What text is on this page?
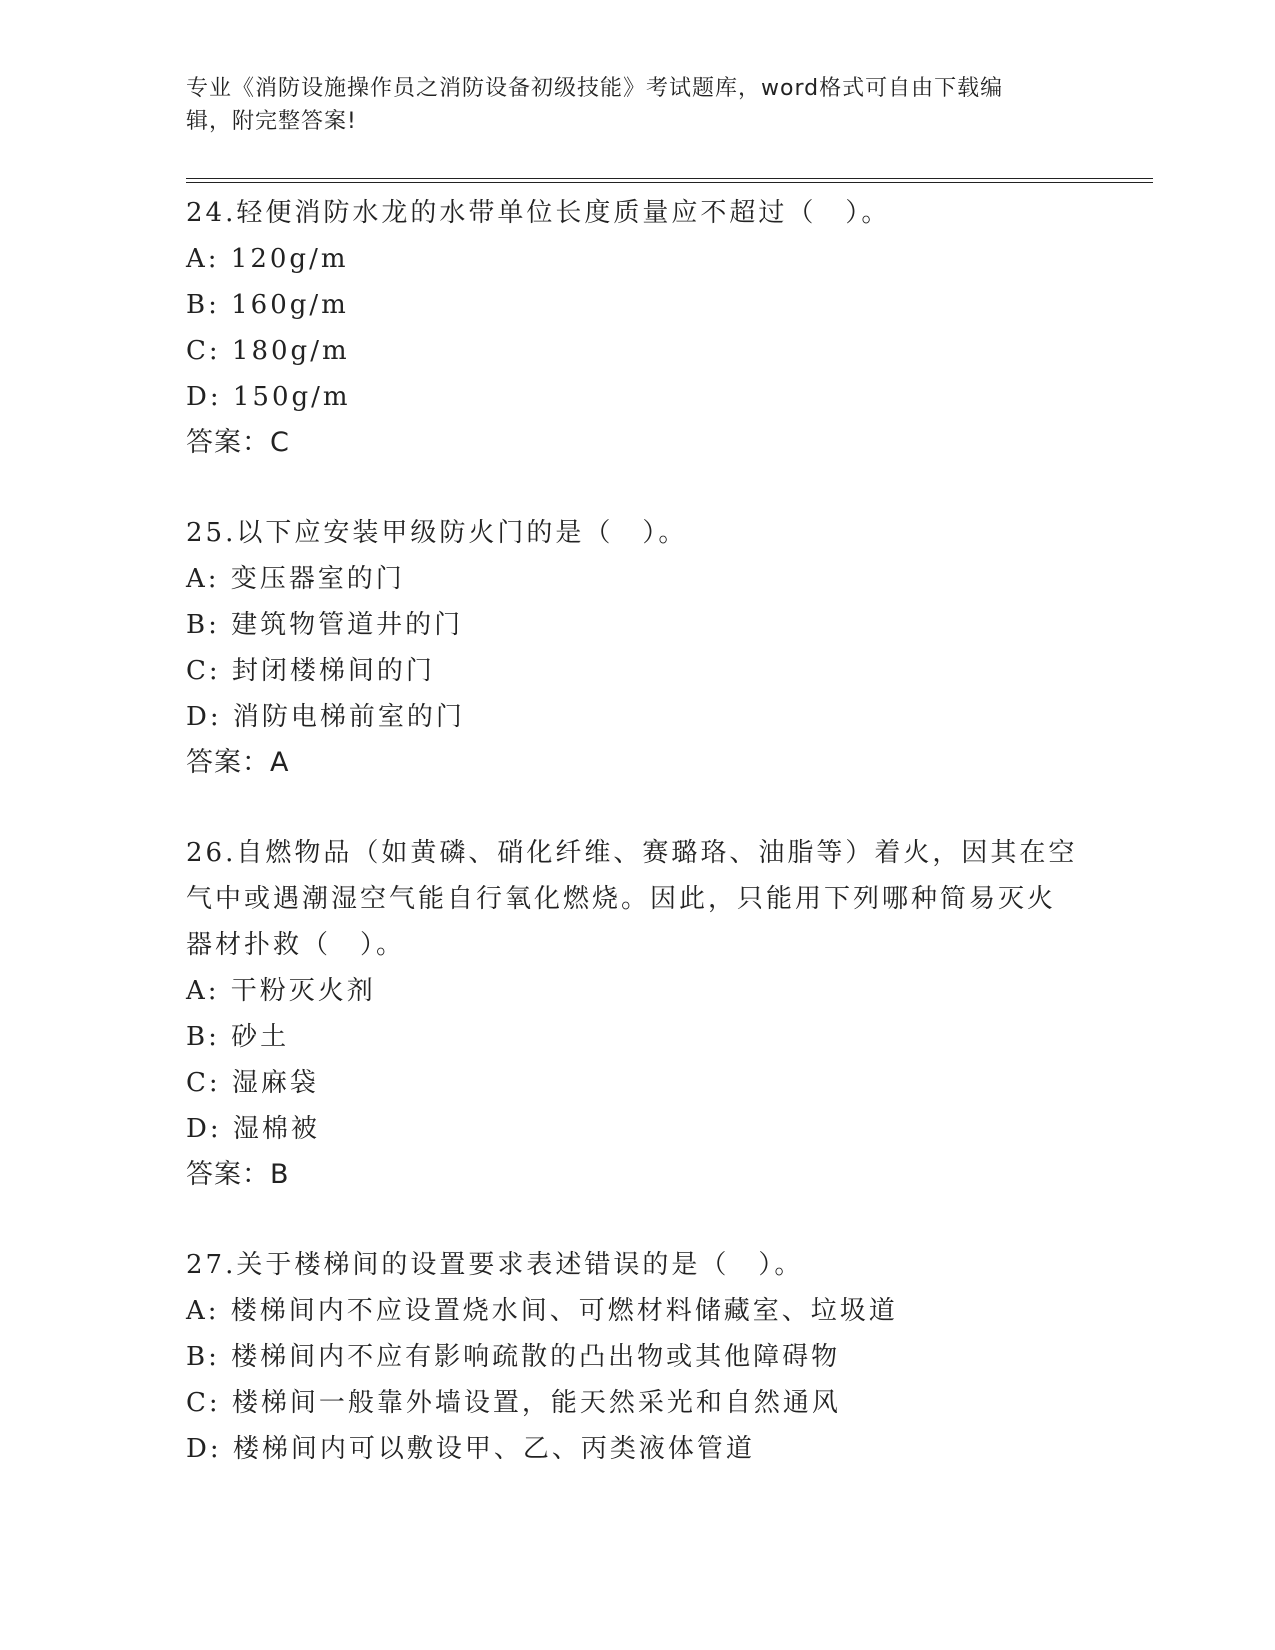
专业《消防设施操作员之消防设备初级技能》考试题库，word格式可自由下载编
辑，附完整答案!
24.轻便消防水龙的水带单位长度质量应不超过（　）。
A: 120g/m
B: 160g/m
C: 180g/m
D: 150g/m
答案：C
25.以下应安装甲级防火门的是（　）。
A: 变压器室的门
B: 建筑物管道井的门
C: 封闭楼梯间的门
D: 消防电梯前室的门
答案：A
26.自燃物品（如黄磷、硝化纤维、赛璐珞、油脂等）着火，因其在空
气中或遇潮湿空气能自行氧化燃烧。因此，只能用下列哪种简易灭火
器材扑救（　）。
A: 干粉灭火剂
B: 砂土
C: 湿麻袋
D: 湿棉被
答案：B
27.关于楼梯间的设置要求表述错误的是（　）。
A: 楼梯间内不应设置烧水间、可燃材料储藏室、垃圾道
B: 楼梯间内不应有影响疏散的凸出物或其他障碍物
C: 楼梯间一般靠外墙设置，能天然采光和自然通风
D: 楼梯间内可以敷设甲、乙、丙类液体管道
